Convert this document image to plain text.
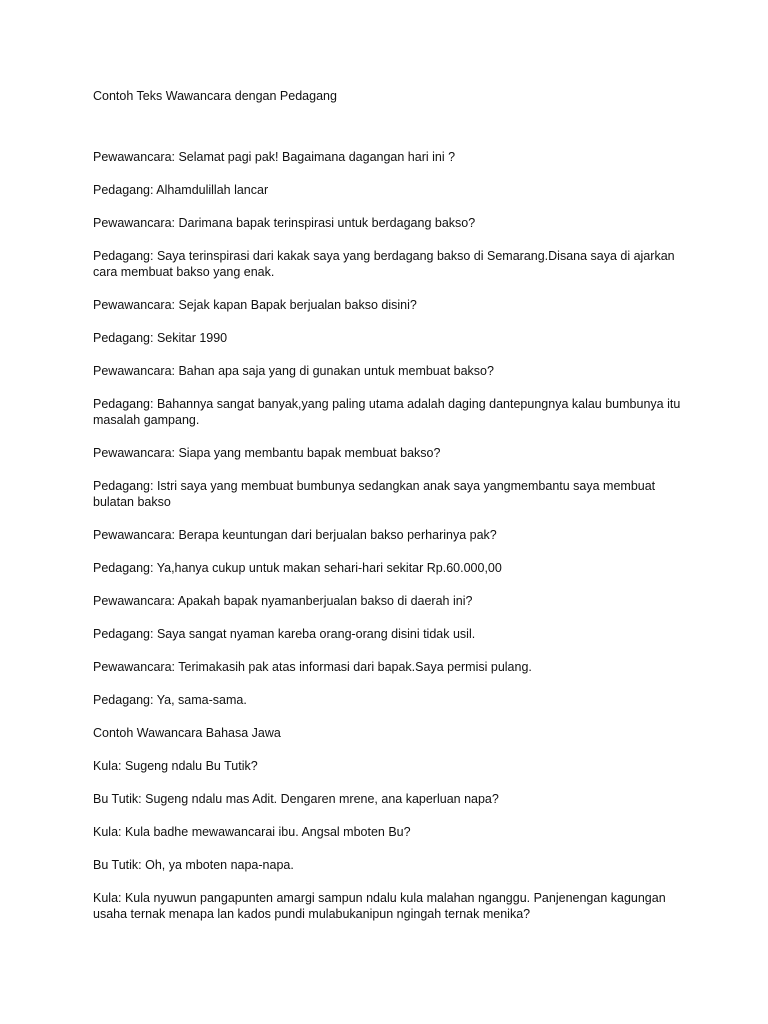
Contoh Teks Wawancara dengan Pedagang
Pewawancara: Selamat pagi pak! Bagaimana dagangan hari ini ?
Pedagang: Alhamdulillah lancar
Pewawancara: Darimana bapak terinspirasi untuk berdagang bakso?
Pedagang: Saya terinspirasi dari kakak saya yang berdagang bakso di Semarang.Disana saya di ajarkan cara membuat bakso yang enak.
Pewawancara: Sejak kapan Bapak berjualan bakso disini?
Pedagang: Sekitar 1990
Pewawancara: Bahan apa saja yang di gunakan untuk membuat bakso?
Pedagang: Bahannya sangat banyak,yang paling utama adalah daging dantepungnya kalau bumbunya itu masalah gampang.
Pewawancara: Siapa yang membantu bapak membuat bakso?
Pedagang: Istri saya yang membuat bumbunya sedangkan anak saya yangmembantu saya membuat bulatan bakso
Pewawancara: Berapa keuntungan dari berjualan bakso perharinya pak?
Pedagang: Ya,hanya cukup untuk makan sehari-hari sekitar Rp.60.000,00
Pewawancara: Apakah bapak nyamanberjualan bakso di daerah ini?
Pedagang: Saya sangat nyaman kareba orang-orang disini tidak usil.
Pewawancara: Terimakasih pak atas informasi dari bapak.Saya permisi pulang.
Pedagang: Ya, sama-sama.
Contoh Wawancara Bahasa Jawa
Kula: Sugeng ndalu Bu Tutik?
Bu Tutik: Sugeng ndalu mas Adit. Dengaren mrene, ana kaperluan napa?
Kula: Kula badhe mewawancarai ibu. Angsal mboten Bu?
Bu Tutik: Oh, ya mboten napa-napa.
Kula: Kula nyuwun pangapunten amargi sampun ndalu kula malahan nganggu. Panjenengan kagungan usaha ternak menapa lan kados pundi mulabukanipun ngingah ternak menika?
